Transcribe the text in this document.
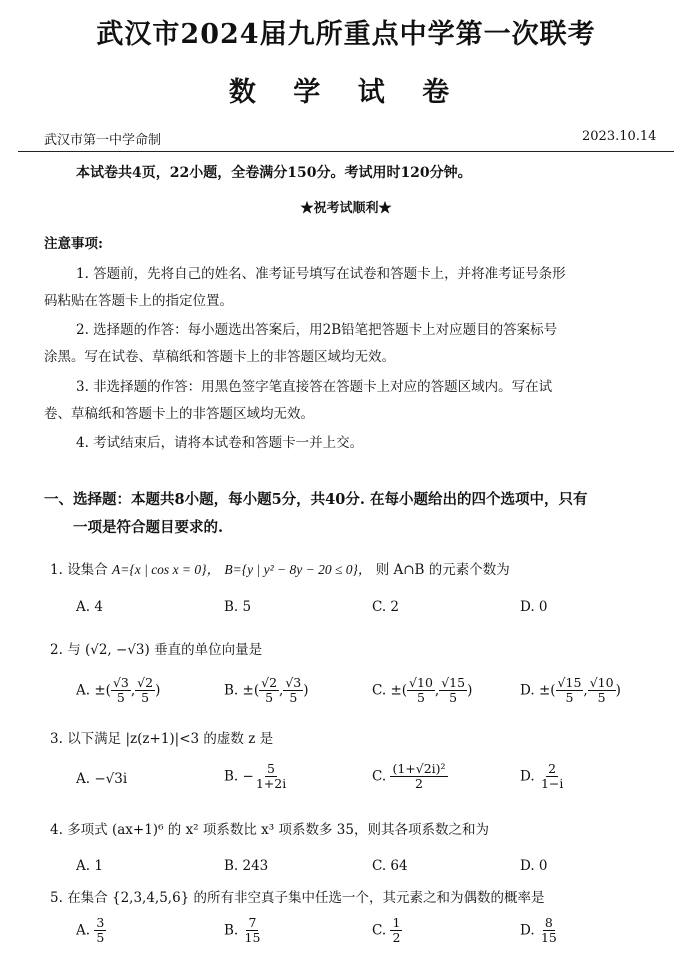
武汉市2024届九所重点中学第一次联考
数 学 试 卷
武汉市第一中学命制	2023.10.14
本试卷共4页，22小题，全卷满分150分。考试用时120分钟。
★祝考试顺利★
注意事项:
1. 答题前，先将自己的姓名、准考证号填写在试卷和答题卡上，并将准考证号条形
码粘贴在答题卡上的指定位置。
2. 选择题的作答：每小题选出答案后，用2B铅笔把答题卡上对应题目的答案标号
涂黑。写在试卷、草稿纸和答题卡上的非答题区域均无效。
3. 非选择题的作答：用黑色签字笔直接答在答题卡上对应的答题区域内。写在试
卷、草稿纸和答题卡上的非答题区域均无效。
4. 考试结束后，请将本试卷和答题卡一并上交。
一、选择题：本题共8小题，每小题5分，共40分. 在每小题给出的四个选项中，只有
一项是符合题目要求的.
1. 设集合 A={x | cos x = 0}， B={y | y² − 8y − 20 ≤ 0}， 则 A∩B 的元素个数为
A. 4	B. 5	C. 2	D. 0
2. 与 (√2, −√3) 垂直的单位向量是
A. ±( $\frac{√3}{5}$ , $\frac{√2}{5}$ )	B. ±( $\frac{√2}{5}$ , $\frac{√3}{5}$ )	C. ±( $\frac{√10}{5}$ , $\frac{√15}{5}$ )	D. ±( $\frac{√15}{5}$ , $\frac{√10}{5}$ )
3. 以下满足 |z(z+1)|<3 的虚数 z 是
A. −√3i	B. − $\frac{5}{1+2i}$	C. $\frac{\text{(1+√2i)²}}{2}$	D. $\frac{2}{1-i}$
4. 多项式 (ax+1)⁶ 的 x² 项系数比 x³ 项系数多 35，则其各项系数之和为
A. 1	B. 243	C. 64	D. 0
5. 在集合 {2,3,4,5,6} 的所有非空真子集中任选一个，其元素之和为偶数的概率是
A. $\frac{3}{5}$	B. $\frac{7}{15}$	C. $\frac{1}{2}$	D. $\frac{8}{15}$
